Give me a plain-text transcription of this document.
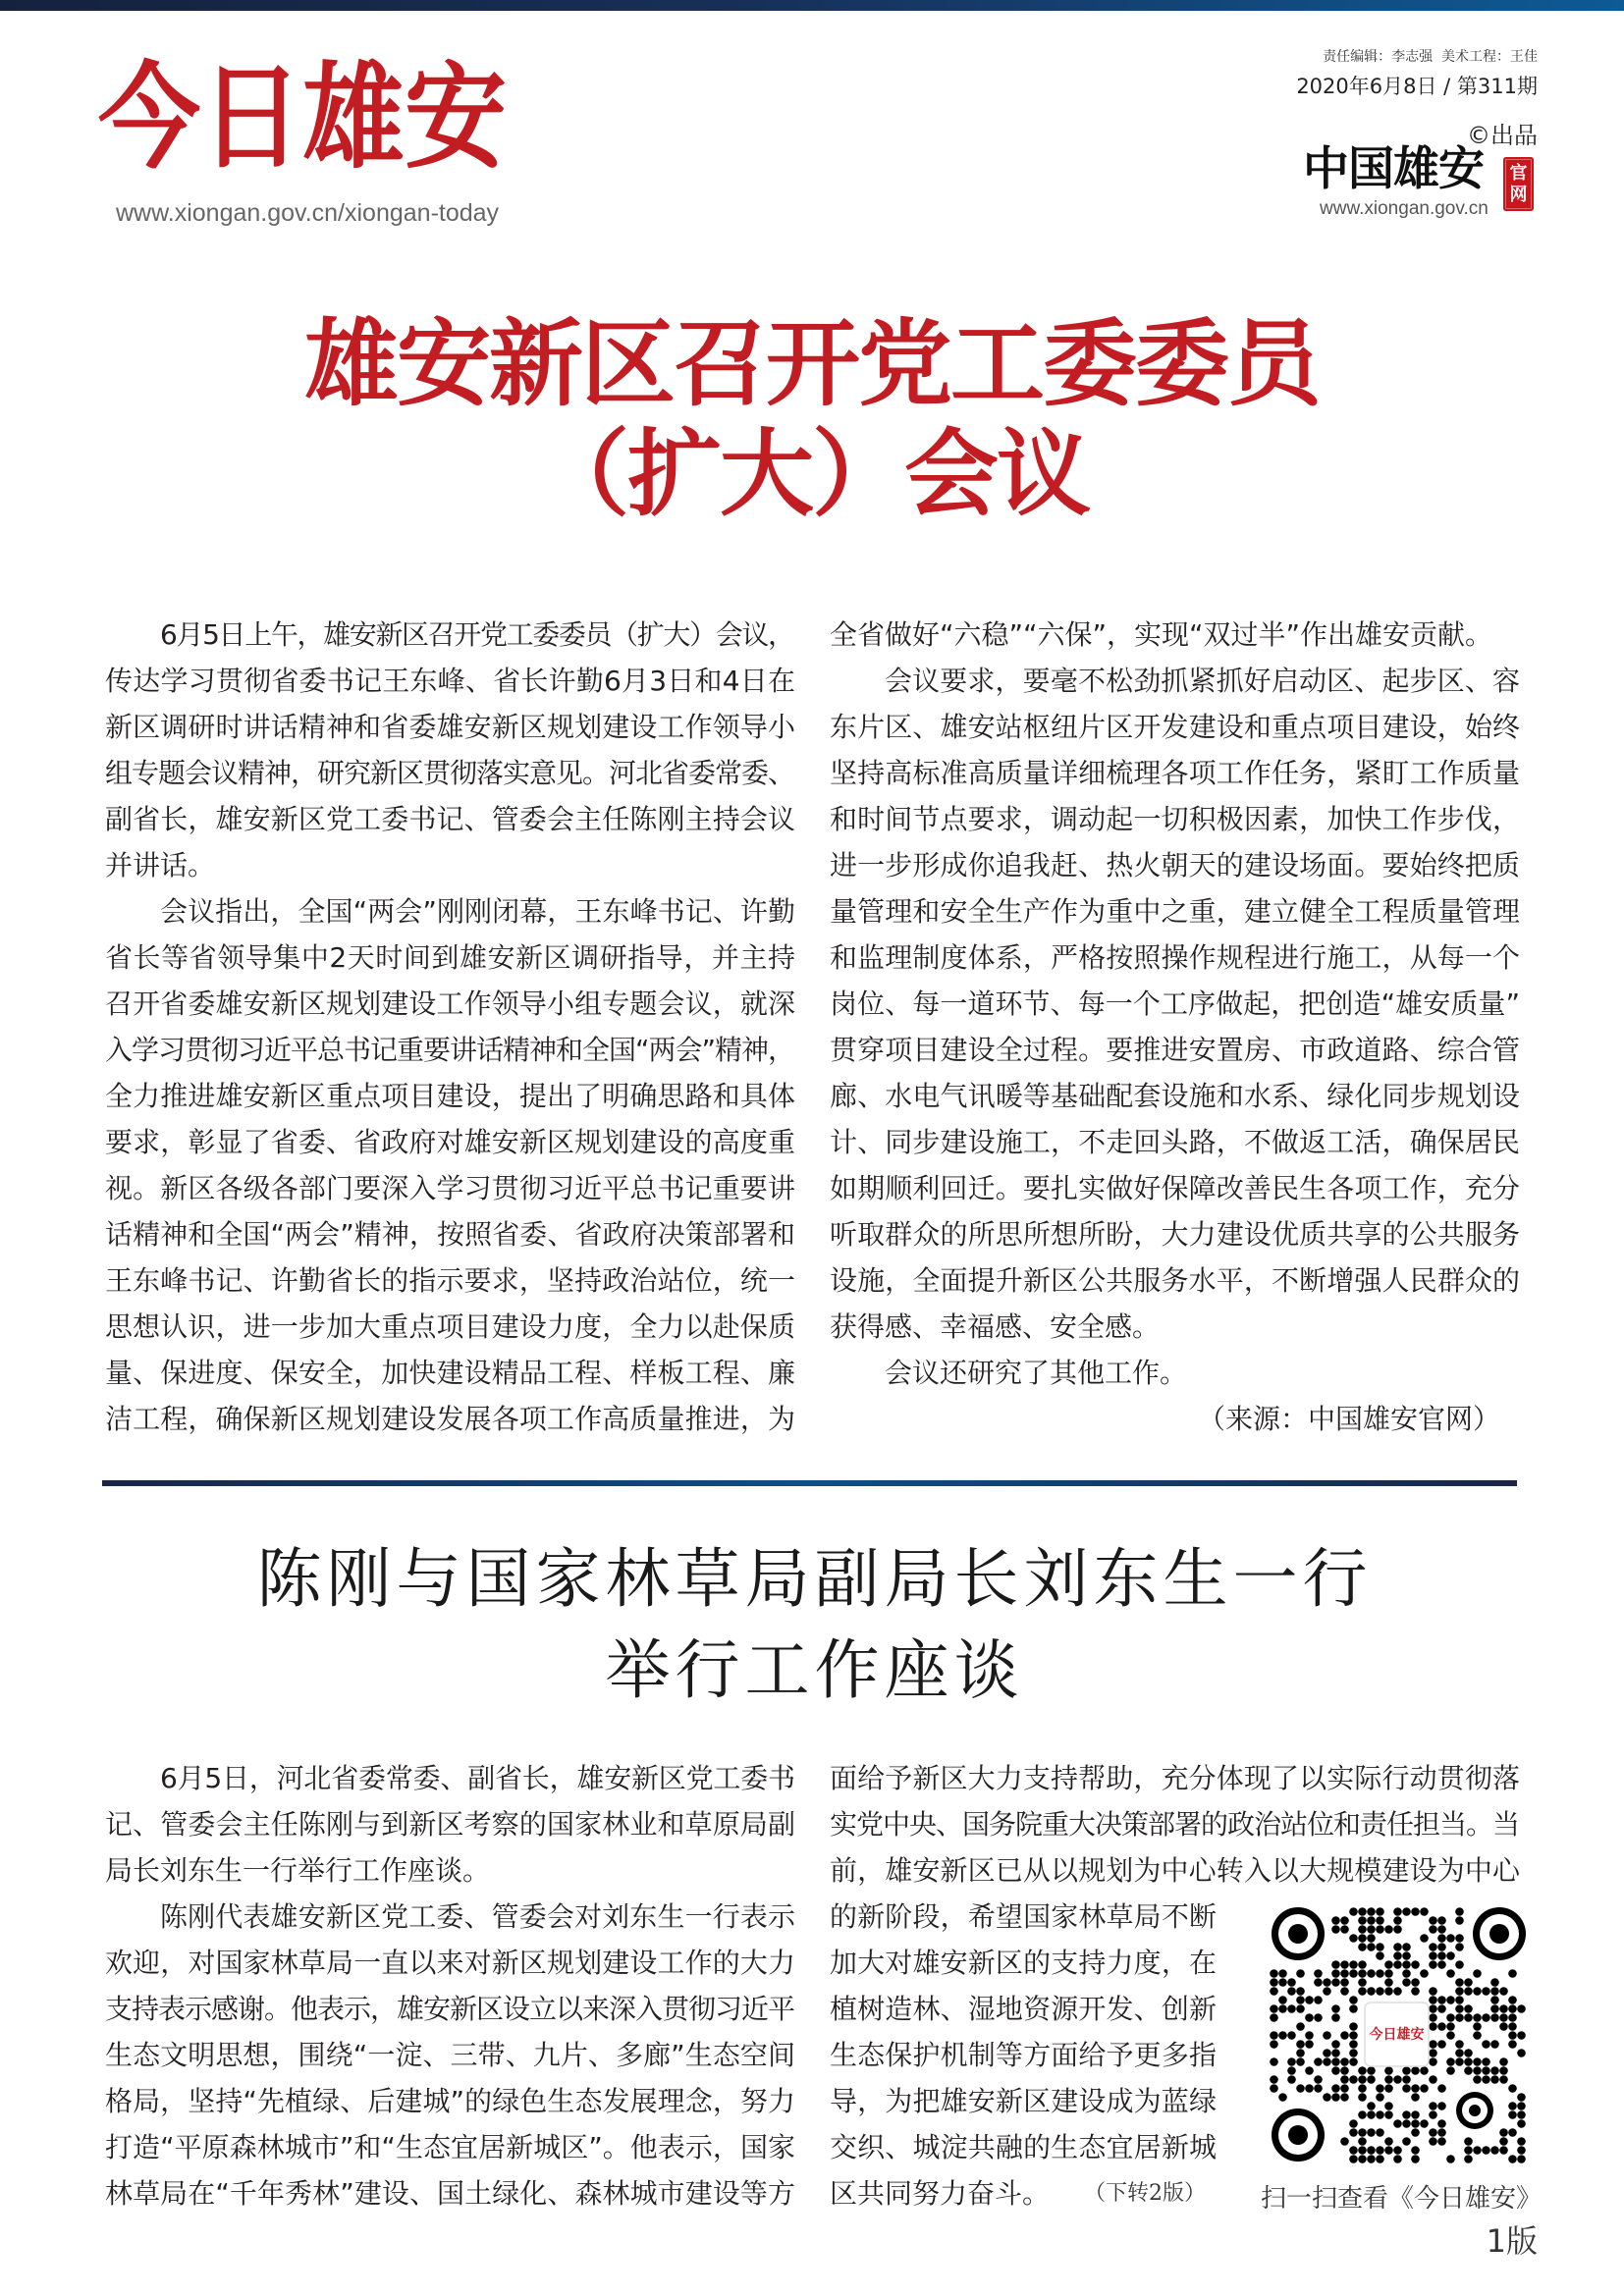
今日雄安
www.xiongan.gov.cn/xiongan-today
责任编辑：李志强  美术工程：王佳
2020年6月8日 / 第311期
©出品
中国雄安 官
网
www.xiongan.gov.cn
雄安新区召开党工委委员
（扩大）会议
6月5日上午，雄安新区召开党工委委员（扩大）会议，
传达学习贯彻省委书记王东峰、省长许勤6月3日和4日在
新区调研时讲话精神和省委雄安新区规划建设工作领导小
组专题会议精神，研究新区贯彻落实意见。河北省委常委、
副省长，雄安新区党工委书记、管委会主任陈刚主持会议
并讲话。
会议指出，全国“两会”刚刚闭幕，王东峰书记、许勤
省长等省领导集中2天时间到雄安新区调研指导，并主持
召开省委雄安新区规划建设工作领导小组专题会议，就深
入学习贯彻习近平总书记重要讲话精神和全国“两会”精神，
全力推进雄安新区重点项目建设，提出了明确思路和具体
要求，彰显了省委、省政府对雄安新区规划建设的高度重
视。新区各级各部门要深入学习贯彻习近平总书记重要讲
话精神和全国“两会”精神，按照省委、省政府决策部署和
王东峰书记、许勤省长的指示要求，坚持政治站位，统一
思想认识，进一步加大重点项目建设力度，全力以赴保质
量、保进度、保安全，加快建设精品工程、样板工程、廉
洁工程，确保新区规划建设发展各项工作高质量推进，为
全省做好“六稳”“六保”，实现“双过半”作出雄安贡献。
会议要求，要毫不松劲抓紧抓好启动区、起步区、容
东片区、雄安站枢纽片区开发建设和重点项目建设，始终
坚持高标准高质量详细梳理各项工作任务，紧盯工作质量
和时间节点要求，调动起一切积极因素，加快工作步伐，
进一步形成你追我赶、热火朝天的建设场面。要始终把质
量管理和安全生产作为重中之重，建立健全工程质量管理
和监理制度体系，严格按照操作规程进行施工，从每一个
岗位、每一道环节、每一个工序做起，把创造“雄安质量”
贯穿项目建设全过程。要推进安置房、市政道路、综合管
廊、水电气讯暖等基础配套设施和水系、绿化同步规划设
计、同步建设施工，不走回头路，不做返工活，确保居民
如期顺利回迁。要扎实做好保障改善民生各项工作，充分
听取群众的所思所想所盼，大力建设优质共享的公共服务
设施，全面提升新区公共服务水平，不断增强人民群众的
获得感、幸福感、安全感。
会议还研究了其他工作。
（来源：中国雄安官网）
陈刚与国家林草局副局长刘东生一行
举行工作座谈
6月5日，河北省委常委、副省长，雄安新区党工委书
记、管委会主任陈刚与到新区考察的国家林业和草原局副
局长刘东生一行举行工作座谈。
陈刚代表雄安新区党工委、管委会对刘东生一行表示
欢迎，对国家林草局一直以来对新区规划建设工作的大力
支持表示感谢。他表示，雄安新区设立以来深入贯彻习近平
生态文明思想，围绕“一淀、三带、九片、多廊”生态空间
格局，坚持“先植绿、后建城”的绿色生态发展理念，努力
打造“平原森林城市”和“生态宜居新城区”。他表示，国家
林草局在“千年秀林”建设、国土绿化、森林城市建设等方
面给予新区大力支持帮助，充分体现了以实际行动贯彻落
实党中央、国务院重大决策部署的政治站位和责任担当。当
前，雄安新区已从以规划为中心转入以大规模建设为中心
的新阶段，希望国家林草局不断
加大对雄安新区的支持力度，在
植树造林、湿地资源开发、创新
生态保护机制等方面给予更多指
导，为把雄安新区建设成为蓝绿
交织、城淀共融的生态宜居新城
区共同努力奋斗。	（下转2版）
今日雄安
扫一扫查看《今日雄安》
1版
